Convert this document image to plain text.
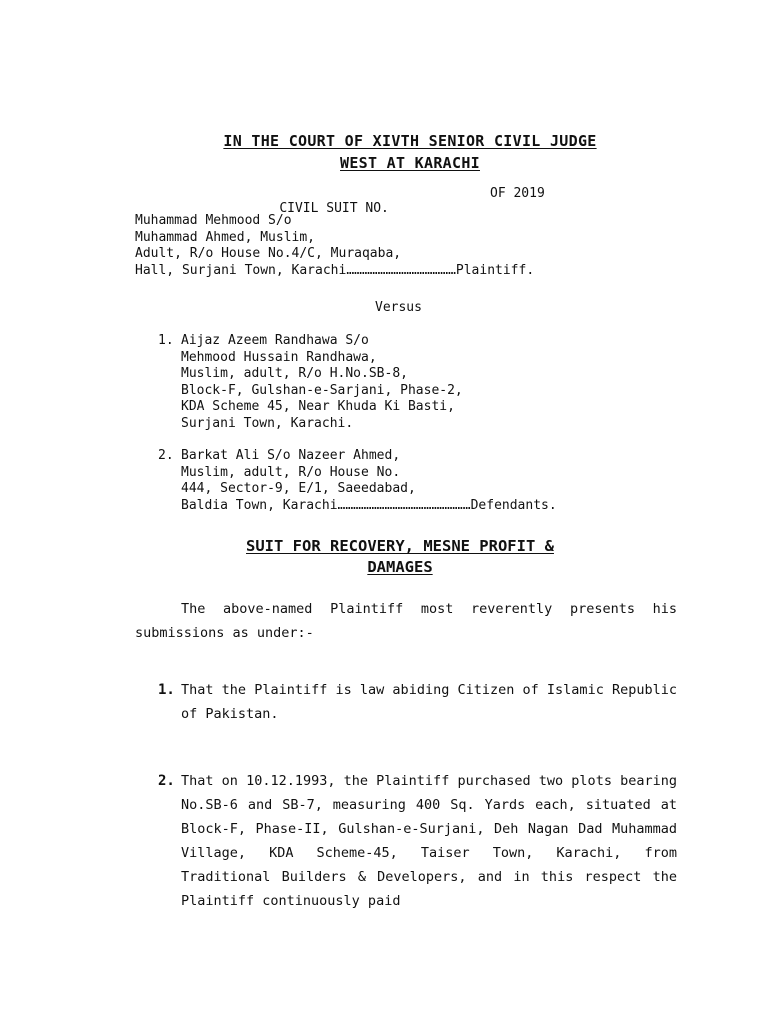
IN THE COURT OF XIVTH SENIOR CIVIL JUDGE
WEST AT KARACHI

CIVIL SUIT NO.

OF 2019

Muhammad Mehmood S/o
Muhammad Ahmed, Muslim,
Adult, R/o House No.4/C, Muraqaba,
Hall, Surjani Town, Karachi……………………………………Plaintiff.
Versus
1. Aijaz Azeem Randhawa S/o
Mehmood Hussain Randhawa,
Muslim, adult, R/o H.No.SB-8,
Block-F, Gulshan-e-Sarjani, Phase-2,
KDA Scheme 45, Near Khuda Ki Basti,
Surjani Town, Karachi.
2. Barkat Ali S/o Nazeer Ahmed,
Muslim, adult, R/o House No.
444, Sector-9, E/1, Saeedabad,
Baldia Town, Karachi……………………………………………Defendants.
SUIT FOR RECOVERY, MESNE PROFIT &
DAMAGES
The above-named Plaintiff most reverently presents his submissions as under:-
1. That the Plaintiff is law abiding Citizen of Islamic Republic of Pakistan.
2. That on 10.12.1993, the Plaintiff purchased two plots bearing No.SB-6 and SB-7, measuring 400 Sq. Yards each, situated at Block-F, Phase-II, Gulshan-e-Surjani, Deh Nagan Dad Muhammad Village, KDA Scheme-45, Taiser Town, Karachi, from Traditional Builders & Developers, and in this respect the Plaintiff continuously paid
